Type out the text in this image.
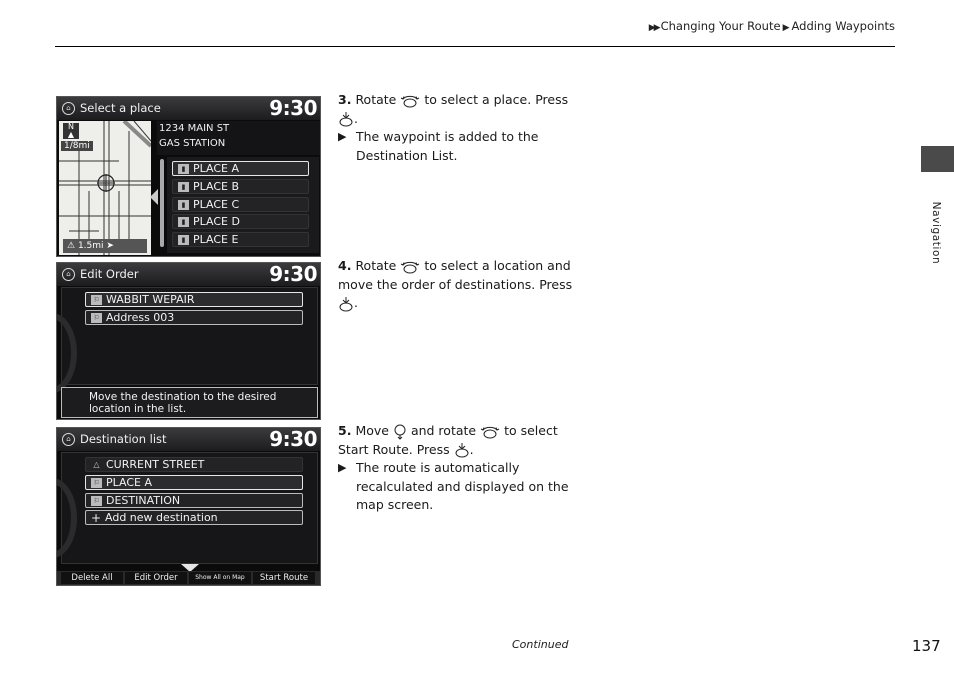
▶▶ Changing Your Route ▶ Adding Waypoints
Navigation
⌂ Select a place	9:30
N
▲
1/8mi
⚠ 1.5mi ➤
1234 MAIN ST
GAS STATION
▮ PLACE A
▮ PLACE B
▮ PLACE C
▮ PLACE D
▮ PLACE E
⌂ Edit Order	9:30
⚐ WABBIT WEPAIR
⚐ Address 003
Move the destination to the desired
location in the list.
⌂ Destination list	9:30
△ CURRENT STREET
⚐ PLACE A
⚐ DESTINATION
+ Add new destination
Delete All	Edit Order	Show All on Map	Start Route
3. Rotate to select a place. Press
.
▶ The waypoint is added to the Destination List.
4. Rotate to select a location and move the order of destinations. Press .
5. Move and rotate to select
Start Route. Press .
▶ The route is automatically recalculated and displayed on the map screen.
Continued	137
